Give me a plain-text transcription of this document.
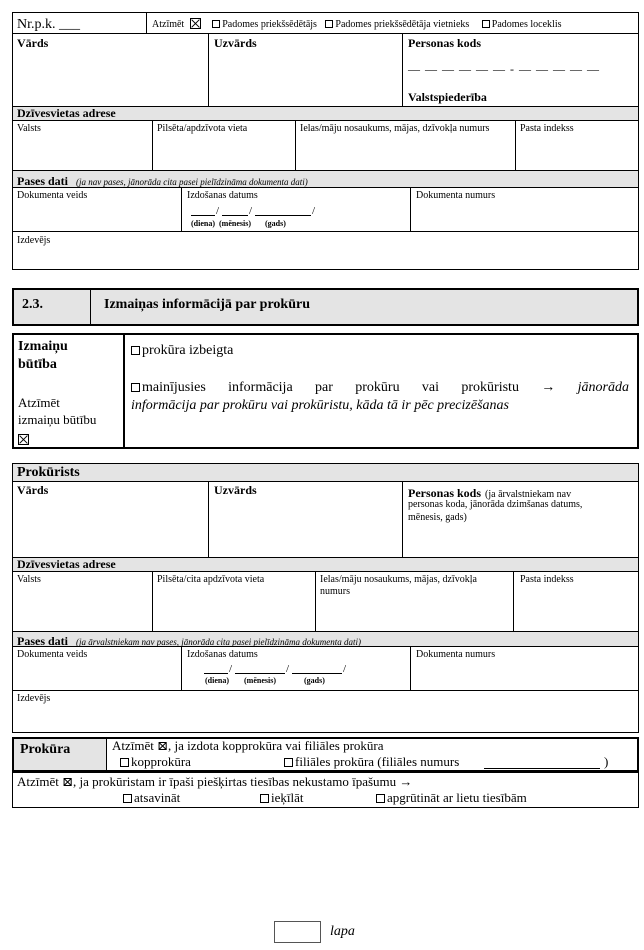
Nr.p.k. ___	Atzīmēt	Padomes priekšsēdētājs Padomes priekšsēdētāja vietnieks Padomes loceklis
Vārds	Uzvārds	Personas kods
— — — — — — - — — — — —
Valstspiederība
Dzīvesvietas adrese
Valsts	Pilsēta/apdzīvota vieta	Ielas/māju nosaukums, mājas, dzīvokļa numurs	Pasta indekss
Pases dati (ja nav pases, jānorāda cita pasei pielīdzināma dokumenta dati)
Dokumenta veids	Izdošanas datums
/	/	/
(diena) (mēnesis) (gads)
Dokumenta numurs
Izdevējs
2.3.	Izmaiņas informācijā par prokūru
Izmaiņu
būtība
Atzīmēt
izmaiņu būtību
prokūra izbeigta
mainījusies informācija par prokūru vai prokūristu → jānorāda
informācija par prokūru vai prokūristu, kāda tā ir pēc precizēšanas
Prokūrists
Vārds	Uzvārds	Personas kods (ja ārvalstniekam nav
personas koda, jānorāda dzimšanas datums,
mēnesis, gads)
Dzīvesvietas adrese
Valsts	Pilsēta/cita apdzīvota vieta	Ielas/māju nosaukums, mājas, dzīvokļa
numurs
Pasta indekss
Pases dati (ja ārvalstniekam nav pases, jānorāda cita pasei pielīdzināma dokumenta dati)
Dokumenta veids	Izdošanas datums
/	/	/
(diena) (mēnesis)	(gads)
Dokumenta numurs
Izdevējs
Prokūra	Atzīmēt ⊠, ja izdota kopprokūra vai filiāles prokūra
kopprokūra	filiāles prokūra (filiāles numurs	)
Atzīmēt ⊠, ja prokūristam ir īpaši piešķirtas tiesības nekustamo īpašumu →
atsavināt	ieķīlāt	apgrūtināt ar lietu tiesībām
lapa
